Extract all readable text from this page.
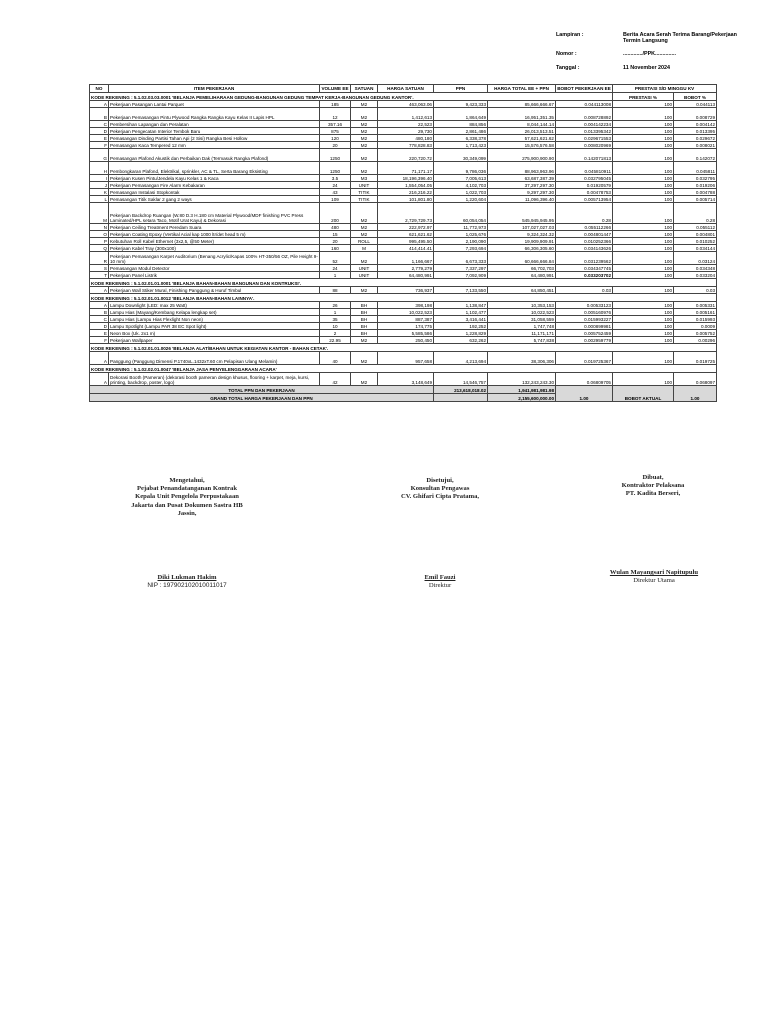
Lampiran :	Berita Acara Serah Terima Barang/Pekerjaan
Termin Langsung
Nomor :	............./PPK..............
Tanggal :	11 November 2024
NO	ITEM PEKERJAAN	VOLUME EE	SATUAN	HARGA SATUAN	PPN	HARGA TOTAL EE + PPN	BOBOT PEKERJAAN EE	PRESTASI S/D MINGGU KV	
KODE REKENING : 5.1.02.03.03.0001 'BELANJA PEMELIHARAAN GEDUNG-BANGUNAN GEDUNG TEMPAT KERJA-BANGUNAN GEDUNG KANTOR'.								PRESTASI %	BOBOT %
A	Pekerjaan Pasangan Lantai Parquet	185	M2	463,063.06	9,423,333	85,666,666.67	0.044113008	100	0.044113
B	Pekerjaan Pemasangan Pintu Plywood Rangka Rangka Kayu Kelas II Lapis HPL	12	M2	1,412,613	1,864,649	16,951,351.35	0.008728892	100	0.008729
C	Pembersihan Lapangan dan Peralatan	357.16	M2	22,523	884,856	8,044,144.14	0.004142234	100	0.004142
D	Pekerjaan Pengecatan Interior Tembok Baru	875	M2	29,730	2,861,486	26,013,513.51	0.013395342	100	0.013395
E	Pemasangan Dinding Partisi Tahan Api (2 Sisi) Rangka Besi Hollow	120	M2	480,180	6,338,378	57,621,621.62	0.029671553	100	0.029672
F	Pemasangan Kaca Tempered 12 mm	20	M2	778,828.83	1,713,423	15,576,576.58	0.008020969	100	0.008021
G	Pemasangan Plafond Akustik dan Perbaikan Dak (Termasuk Rangka Plafond)	1250	M2	220,720.72	30,349,099	275,900,900.90	0.142071813	100	0.142072
H	Pembongkaran Plafond, Elektrikal, sprinkler, AC & TL, Serta Barang Eksisting	1250	M2	71,171.17	9,786,036	88,963,963.96	0.045810911	100	0.045811
I	Pekerjaan Kusen Pintu/Jendela Kayu Kelas 1 & Kaca	3.5	M3	18,196,396.40	7,005,613	63,687,387.39	0.032795045	100	0.032795
J	Pekerjaan Pemasangan Fire Alarm Kebakaran	24	UNIT	1,554,054.05	4,102,703	37,297,297.30	0.01920579	100	0.019206
K	Pemasangan Instalasi Stopkontak	43	TITIK	216,216.22	1,022,703	9,297,297.30	0.00478753	100	0.004788
L	Pemasangan Titik Saklar 2 gang 2 ways	109	TITIK	101,801.80	1,220,604	11,096,396.40	0.005713954	100	0.005714
M	Pekerjaan Backdrop Ruangan (W.80 D.3 H.180 cm Material Plywood/MDF finishing PVC Press Laminated/HPL setara Taco, Motif Urat Kayu) & Dekorasi	200	M2	2,729,729.73	60,054,054	545,945,945.95	0.28	100	0.28
N	Pekerjaan Ceiling Treatment Peredam Suara	480	M2	222,972.97	11,772,973	107,027,027.03	0.055112266	100	0.055112
O	Pekerjaan Coating Epoxy (Vertikal Acial kap 1000 ltr/det head 5 m)	15	M2	621,621.62	1,025,676	9,324,324.32	0.004801447	100	0.004801
P	Kebutuhan Roll Kabel Ethernet (3x2,5, @50 Meter)	20	ROLL	995,495.50	2,190,090	19,909,909.91	0.010252366	100	0.010252
Q	Pekerjaan Kabel Tray (300x100)	160	M	414,414.41	7,293,694	66,306,305.60	0.034143626	100	0.034144
R	Pekerjaan Pemasangan Karpet Auditorium (Benang Acrylic/Kapas 100% HT-350/56 OZ, Pile Height 9-10 mm)	52	M2	1,166,667	6,673,333	60,666,666.84	0.031239562	100	0.03124
S	Pemasangan Modul Detector	24	UNIT	2,779,279	7,337,297	66,702,703	0.034347745	100	0.034348
T	Pekerjaan Panel Listrik	1	UNIT	64,480,991	7,092,909	64,480,991	0.033203702	100	0.033204
KODE REKENING : 5.1.02.01.01.0001 'BELANJA BAHAN-BAHAN BANGUNAN DAN KONTRUKSI'.									
A	Pekerjaan Wall Stiker Mural, Finishing Panggung & Huruf Timbul	88	M2	736,937	7,133,550	64,850,451	0.03	100	0.03
KODE REKENING : 5.1.02.01.01.0012 'BELANJA BAHAN-BAHAN LAINNYA'.									
A	Lampu Downlight (LED: max 25 Watt)	26	BH	398,198	1,138,847	10,353,153	0.00533123	100	0.005331
B	Lampu Hias (Mayang/Kembang Kelapa lengkap set)	1	BH	10,022,523	1,102,477	10,022,523	0.005160976	100	0.005161
C	Lampu Hias (Lampu Hias Flexlight Non neon)	35	BH	887,387	3,416,441	31,058,559	0.015993227	100	0.015993
D	Lampu Spotlight (Lampu PAR 38 EC Spot light)	10	BH	174,775	192,252	1,747,748	0.000899981	100	0.0009
E	Neon Box (Uk. 2x1 m)	2	BH	5,585,586	1,228,829	11,171,171	0.005752459	100	0.005752
F	Pekerjaan Wallpaper	22.95	M2	250,450	632,262	5,747,838	0.002959779	100	0.00296
KODE REKENING : 5.1.02.01.01.0026 'BELANJA ALAT/BAHAN UNTUK KEGIATAN KANTOR - BAHAN CETAK'.									
A	Panggung (Panggung Dimensi P.1740xL.1432xT.60 cm Pelapisan Ulang Melamin)	40	M2	957,658	4,213,694	38,306,306	0.019725367	100	0.019725
KODE REKENING : 5.1.02.02.01.0047 'BELANJA JASA PENYELENGGARAAN ACARA'									
A	Dekorasi Booth (Pameran) (dekorasi booth pameran design khusus, flooring + karpet, meja, kursi, printing, backdrop, poster, logo)	42	M2	3,148,649	14,546,757	132,243,243.30	0.06809705	100	0.068097
TOTAL PPN DAN PEKERJAAN					213,618,018.02	1,941,981,981.98	1.00	BOBOT AKTUAL	1.00
GRAND TOTAL HARGA PEKERJAAN DAN PPN						2,155,600,000.00			
Mengetahui,
Pejabat Penandatanganan Kontrak
Kepala Unit Pengelola Perpustakaan
Jakarta dan Pusat Dokumen Sastra HB
Jassin,
Diki Lukman Hakim
NIP : 197902102010011017
Disetujui,
Konsultan Pengawas
CV. Ghifari Cipta Pratama,
Emil Fauzi
Direktur
Dibuat,
Kontraktor Pelaksana
PT. Kadita Berseri,
Wulan Mayangsari Napitupulu
Direktur Utama
